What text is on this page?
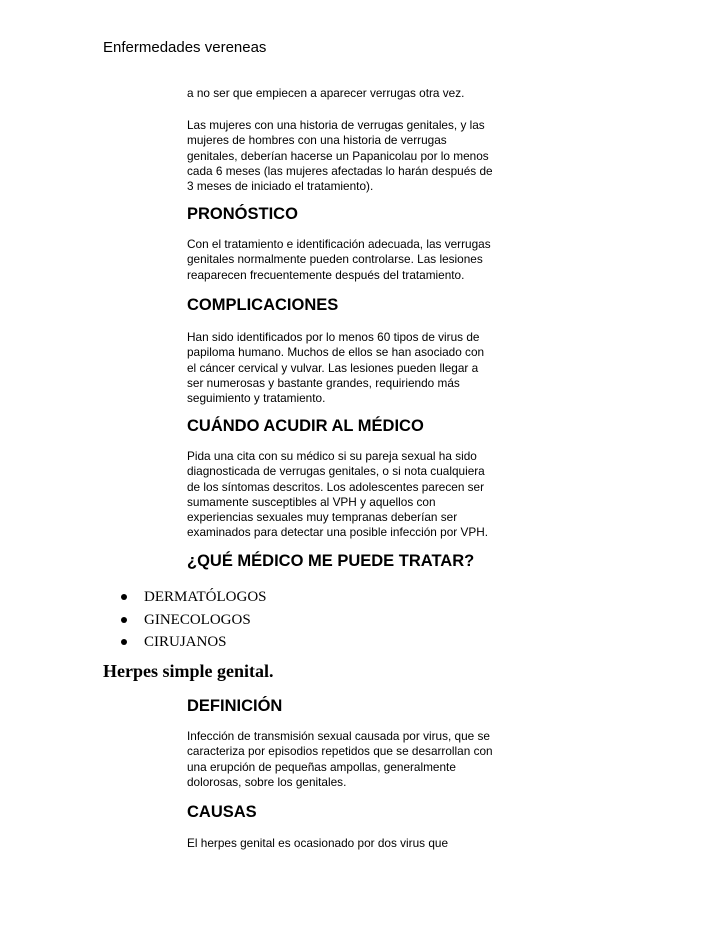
Enfermedades vereneas

a no ser que empiecen a aparecer verrugas otra vez.

Las mujeres con una historia de verrugas genitales, y las

mujeres de hombres con una historia de verrugas

genitales, deberían hacerse un Papanicolau por lo menos

cada 6 meses (las mujeres afectadas lo harán después de

3 meses de iniciado el tratamiento).

PRONÓSTICO

Con el tratamiento e identificación adecuada, las verrugas

genitales normalmente pueden controlarse. Las lesiones

reaparecen frecuentemente después del tratamiento.

COMPLICACIONES

Han sido identificados por lo menos 60 tipos de virus de

papiloma humano. Muchos de ellos se han asociado con

el cáncer cervical y vulvar. Las lesiones pueden llegar a

ser numerosas y bastante grandes, requiriendo más

seguimiento y tratamiento.

CUÁNDO ACUDIR AL MÉDICO

Pida una cita con su médico si su pareja sexual ha sido

diagnosticada de verrugas genitales, o si nota cualquiera

de los síntomas descritos. Los adolescentes parecen ser

sumamente susceptibles al VPH y aquellos con

experiencias sexuales muy tempranas deberían ser

examinados para detectar una posible infección por VPH.

¿QUÉ MÉDICO ME PUEDE TRATAR?
DERMATÓLOGOS
GINECOLOGOS
CIRUJANOS
Herpes simple genital.
DEFINICIÓN

Infección de transmisión sexual causada por virus, que se

caracteriza por episodios repetidos que se desarrollan con

una erupción de pequeñas ampollas, generalmente

dolorosas, sobre los genitales.

CAUSAS

El herpes genital es ocasionado por dos virus que
